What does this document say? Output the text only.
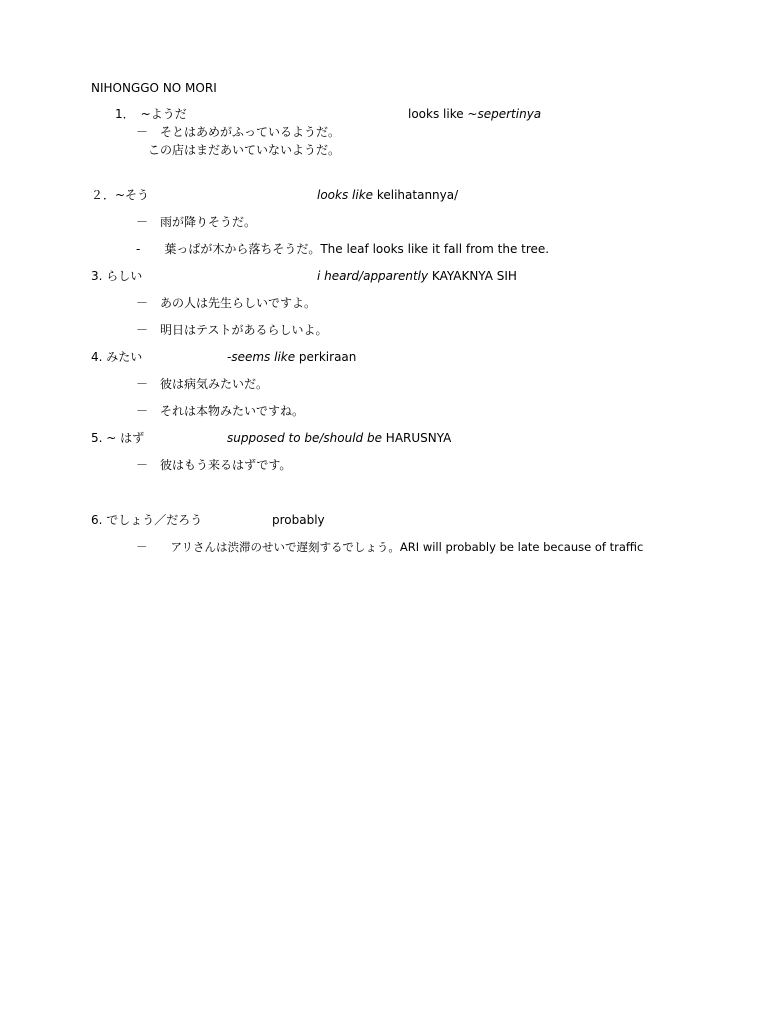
NIHONGGO NO MORI
1．　~ようだ	looks like ~sepertinya
－　そとはあめがふっているようだ。
　この店はまだあいていないようだ。
２．~そう	looks like kelihatannya/
－　雨が降りそうだ。
-　　葉っぱが木から落ちそうだ。The leaf looks like it fall from the tree.
3. らしい	i heard/apparently KAYAKNYA SIH
－　あの人は先生らしいですよ。
－　明日はテストがあるらしいよ。
4. みたい	-seems like perkiraan
－　彼は病気みたいだ。
－　それは本物みたいですね。
5. ~ はず	supposed to be/should be HARUSNYA
－　彼はもう来るはずです。
6. でしょう／だろう	probably
－　　アリさんは渋滞のせいで遅刻するでしょう。ARI will probably be late because of traffic
